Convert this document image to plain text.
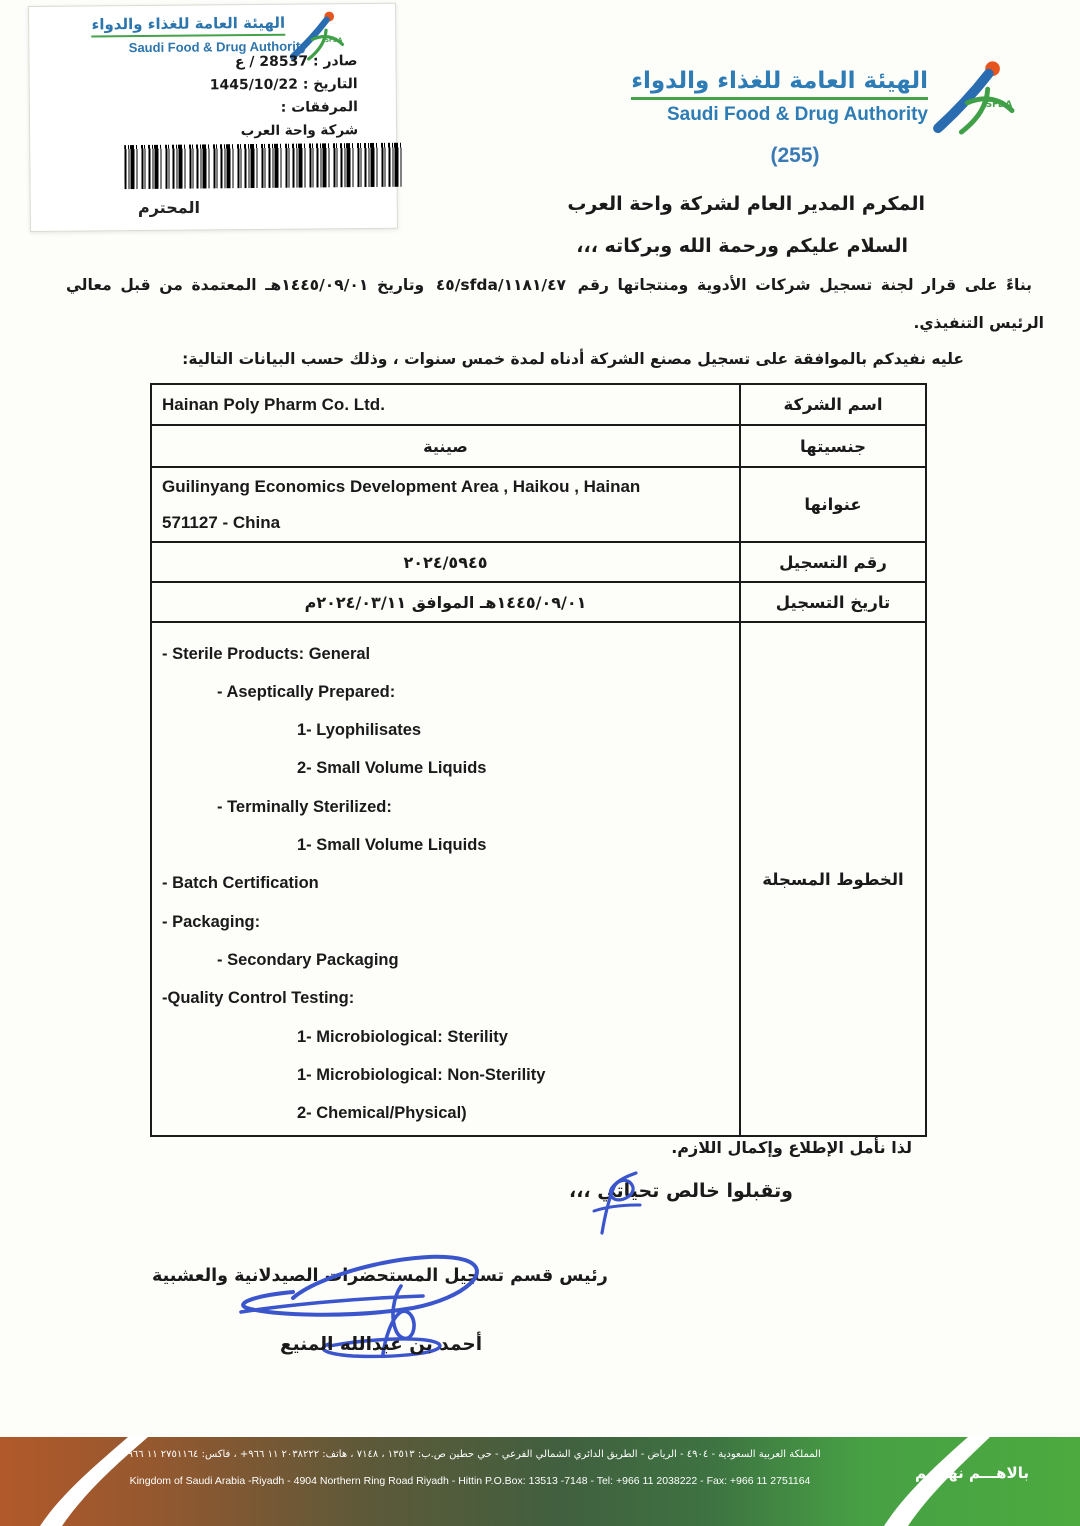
الهيئة العامة للغذاء والدواء
Saudi Food & Drug Authority SFDA
صادر : 28537 / ع
التاريخ : 1445/10/22
المرفقات :
شركة واحة العرب
المحترم
الهيئة العامة للغذاء والدواء
Saudi Food & Drug Authority	SFDA
(255)
المكرم المدير العام لشركة واحة العرب
السلام عليكم ورحمة الله وبركاته ،،،

بناءً على قرار لجنة تسجيل شركات الأدوية ومنتجاتها رقم ٤٥/sfda/١١٨١/٤٧ وتاريخ ١٤٤٥/٠٩/٠١هـ المعتمدة من قبل معالي الرئيس التنفيذي.

عليه نفيدكم بالموافقة على تسجيل مصنع الشركة أدناه لمدة خمس سنوات ، وذلك حسب البيانات التالية:

Hainan Poly Pharm Co. Ltd.	اسم الشركة
صينية	جنسيتها

Guilinyang Economics Development Area , Haikou , Hainan
571127 - China	عنوانها
٢٠٢٤/٥٩٤٥	رقم التسجيل
١٤٤٥/٠٩/٠١هـ الموافق ٢٠٢٤/٠٣/١١م	تاريخ التسجيل

- Sterile Products: General
- Aseptically Prepared:
1- Lyophilisates
2- Small Volume Liquids
- Terminally Sterilized:
1- Small Volume Liquids
- Batch Certification
- Packaging:
- Secondary Packaging
-Quality Control Testing:
1- Microbiological: Sterility
1- Microbiological: Non-Sterility
2- Chemical/Physical)
	الخطوط المسجلة
لذا نأمل الإطلاع وإكمال اللازم.
وتقبلوا خالص تحياتي ،،،
رئيس قسم تسجيل المستحضرات الصيدلانية والعشبية
أحمد بن عبدالله المنيع
المملكة العربية السعودية - ٤٩٠٤ - الرياض - الطريق الدائري الشمالي الفرعي - حي حطين ص.ب: ١٣٥١٣ ، ٧١٤٨ ، هاتف: ٢٠٣٨٢٢٢ ١١ ٩٦٦+ ، فاكس: ٢٧٥١١٦٤ ١١ ٩٦٦+
Kingdom of Saudi Arabia -Riyadh - 4904 Northern Ring Road Riyadh - Hittin P.O.Box: 13513 -7148 - Tel: +966 11 2038222 - Fax: +966 11 2751164	بالاهـــم نهتـــم
